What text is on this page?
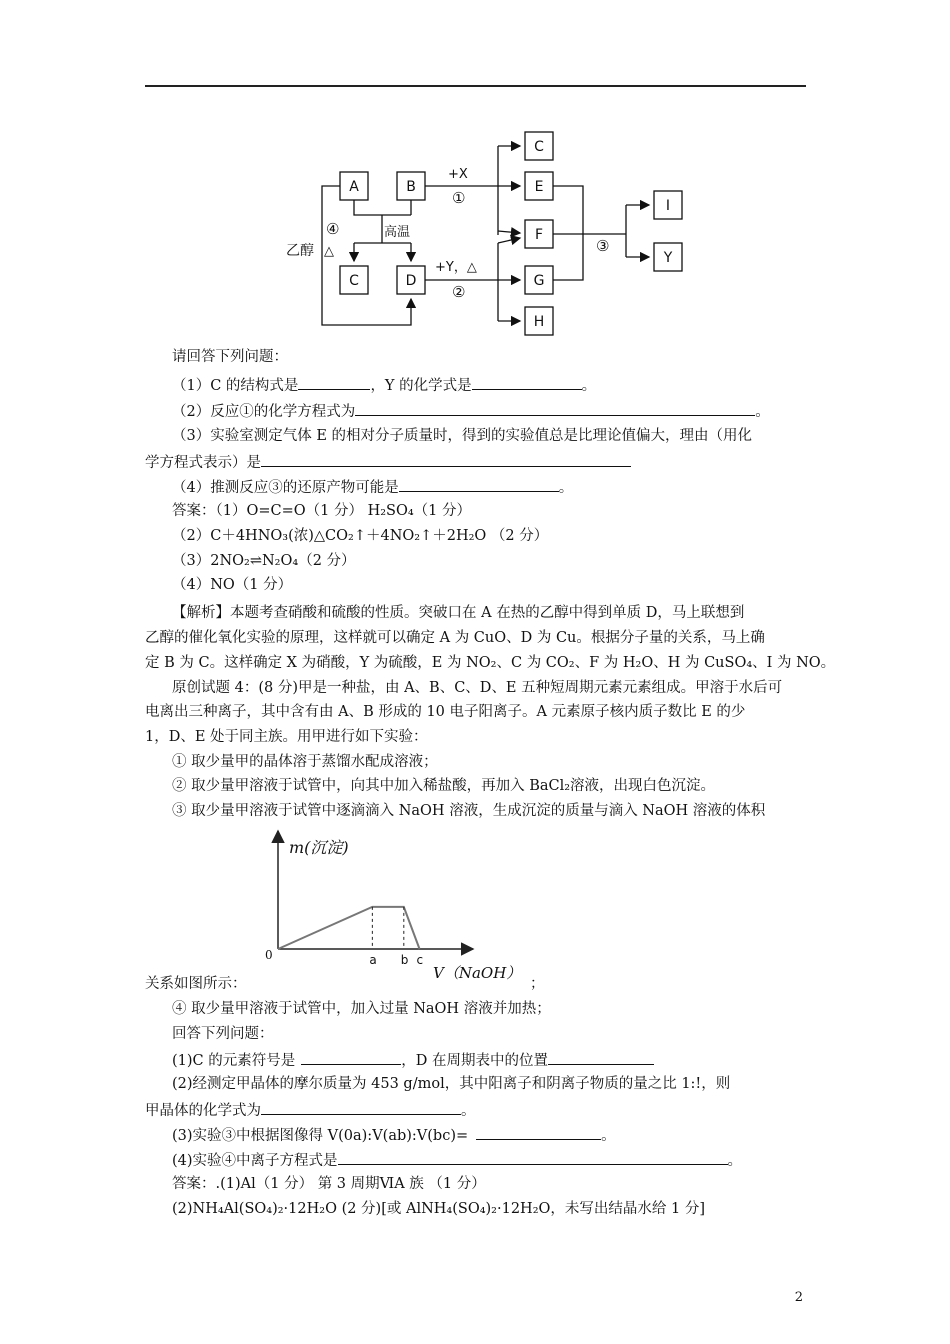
A	B
C	D
C
E
F
G
H
I
Y
+X
①
+Y，△
②
③
④	高温
乙醇 △
请回答下列问题：
（1）C 的结构式是	，Y 的化学式是	。
（2）反应①的化学方程式为	。
（3）实验室测定气体 E 的相对分子质量时，得到的实验值总是比理论值偏大，理由（用化
学方程式表示）是
（4）推测反应③的还原产物可能是	。
答案：（1）O=C=O（1 分） H₂SO₄（1 分）
（2）C＋4HNO₃(浓)△CO₂↑＋4NO₂↑＋2H₂O （2 分）
（3）2NO₂⇌N₂O₄（2 分）
（4）NO（1 分）
【解析】本题考查硝酸和硫酸的性质。突破口在 A 在热的乙醇中得到单质 D，马上联想到
乙醇的催化氧化实验的原理，这样就可以确定 A 为 CuO、D 为 Cu。根据分子量的关系，马上确
定 B 为 C。这样确定 X 为硝酸，Y 为硫酸，E 为 NO₂、C 为 CO₂、F 为 H₂O、H 为 CuSO₄、I 为 NO。
原创试题 4：(8 分)甲是一种盐，由 A、B、C、D、E 五种短周期元素元素组成。甲溶于水后可
电离出三种离子，其中含有由 A、B 形成的 10 电子阳离子。A 元素原子核内质子数比 E 的少
1，D、E 处于同主族。用甲进行如下实验：
① 取少量甲的晶体溶于蒸馏水配成溶液；
② 取少量甲溶液于试管中，向其中加入稀盐酸，再加入 BaCl₂溶液，出现白色沉淀。
③ 取少量甲溶液于试管中逐滴滴入 NaOH 溶液，生成沉淀的质量与滴入 NaOH 溶液的体积
a b c
m(沉淀)
V（NaOH）
0
关系如图所示：	；
④ 取少量甲溶液于试管中，加入过量 NaOH 溶液并加热；
回答下列问题：
(1)C 的元素符号是	，D 在周期表中的位置
(2)经测定甲晶体的摩尔质量为 453 g/mol，其中阳离子和阴离子物质的量之比 1:!，则
甲晶体的化学式为	。
(3)实验③中根据图像得 V(0a):V(ab):V(bc)=	。
(4)实验④中离子方程式是	。
答案：.(1)Al（1 分） 第 3 周期ⅥA 族 （1 分）
(2)NH₄Al(SO₄)₂·12H₂O (2 分)[或 AlNH₄(SO₄)₂·12H₂O，未写出结晶水给 1 分]
2
